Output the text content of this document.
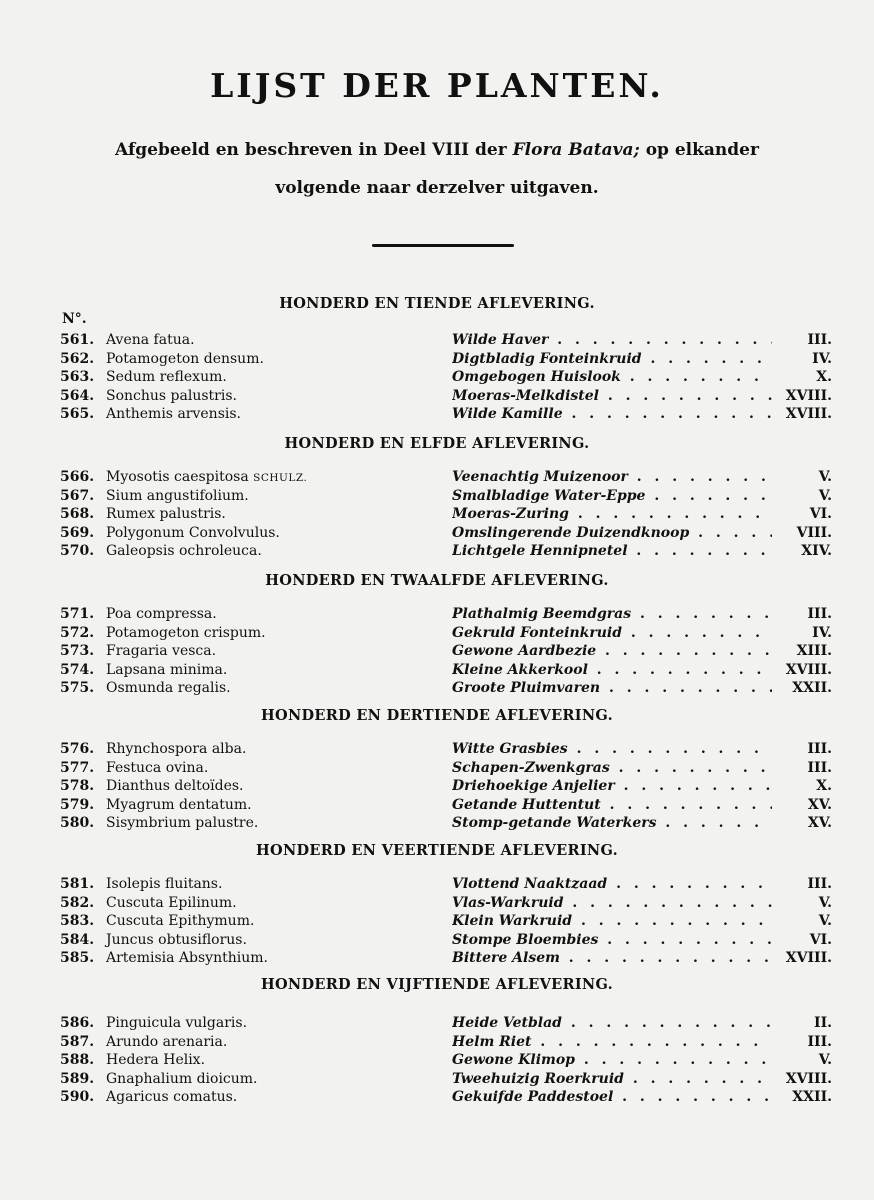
LIJST DER PLANTEN.
Afgebeeld en beschreven in Deel VIII der Flora Batava; op elkander
volgende naar derzelver uitgaven.
N°.
HONDERD EN TIENDE AFLEVERING.
561. Avena fatua.	Wilde Haver . . .	III.
562. Potamogeton densum.	Digtbladig Fonteinkruid . . .	IV.
563. Sedum reflexum.	Omgebogen Huislook . . .	X.
564. Sonchus palustris.	Moeras-Melkdistel . . .	XVIII.
565. Anthemis arvensis.	Wilde Kamille . . .	XVIII.
HONDERD EN ELFDE AFLEVERING.
566. Myosotis caespitosa SCHULZ.	Veenachtig Muizenoor . . .	V.
567. Sium angustifolium.	Smalbladige Water-Eppe . . .	V.
568. Rumex palustris.	Moeras-Zuring . . .	VI.
569. Polygonum Convolvulus.	Omslingerende Duizendknoop . . .	VIII.
570. Galeopsis ochroleuca.	Lichtgele Hennipnetel . . .	XIV.
HONDERD EN TWAALFDE AFLEVERING.
571. Poa compressa.	Plathalmig Beemdgras . . .	III.
572. Potamogeton crispum.	Gekruld Fonteinkruid . . .	IV.
573. Fragaria vesca.	Gewone Aardbezie . . .	XIII.
574. Lapsana minima.	Kleine Akkerkool . . .	XVIII.
575. Osmunda regalis.	Groote Pluimvaren . . .	XXII.
HONDERD EN DERTIENDE AFLEVERING.
576. Rhynchospora alba.	Witte Grasbies . . .	III.
577. Festuca ovina.	Schapen-Zwenkgras . . .	III.
578. Dianthus deltoïdes.	Driehoekige Anjelier . . .	X.
579. Myagrum dentatum.	Getande Huttentut . . .	XV.
580. Sisymbrium palustre.	Stomp-getande Waterkers . . .	XV.
HONDERD EN VEERTIENDE AFLEVERING.
581. Isolepis fluitans.	Vlottend Naaktzaad . . .	III.
582. Cuscuta Epilinum.	Vlas-Warkruid . . .	V.
583. Cuscuta Epithymum.	Klein Warkruid . . .	V.
584. Juncus obtusiflorus.	Stompe Bloembies . . .	VI.
585. Artemisia Absynthium.	Bittere Alsem . . .	XVIII.
HONDERD EN VIJFTIENDE AFLEVERING.
586. Pinguicula vulgaris.	Heide Vetblad . . .	II.
587. Arundo arenaria.	Helm Riet . . .	III.
588. Hedera Helix.	Gewone Klimop . . .	V.
589. Gnaphalium dioicum.	Tweehuizig Roerkruid . . .	XVIII.
590. Agaricus comatus.	Gekuifde Paddestoel . . .	XXII.
